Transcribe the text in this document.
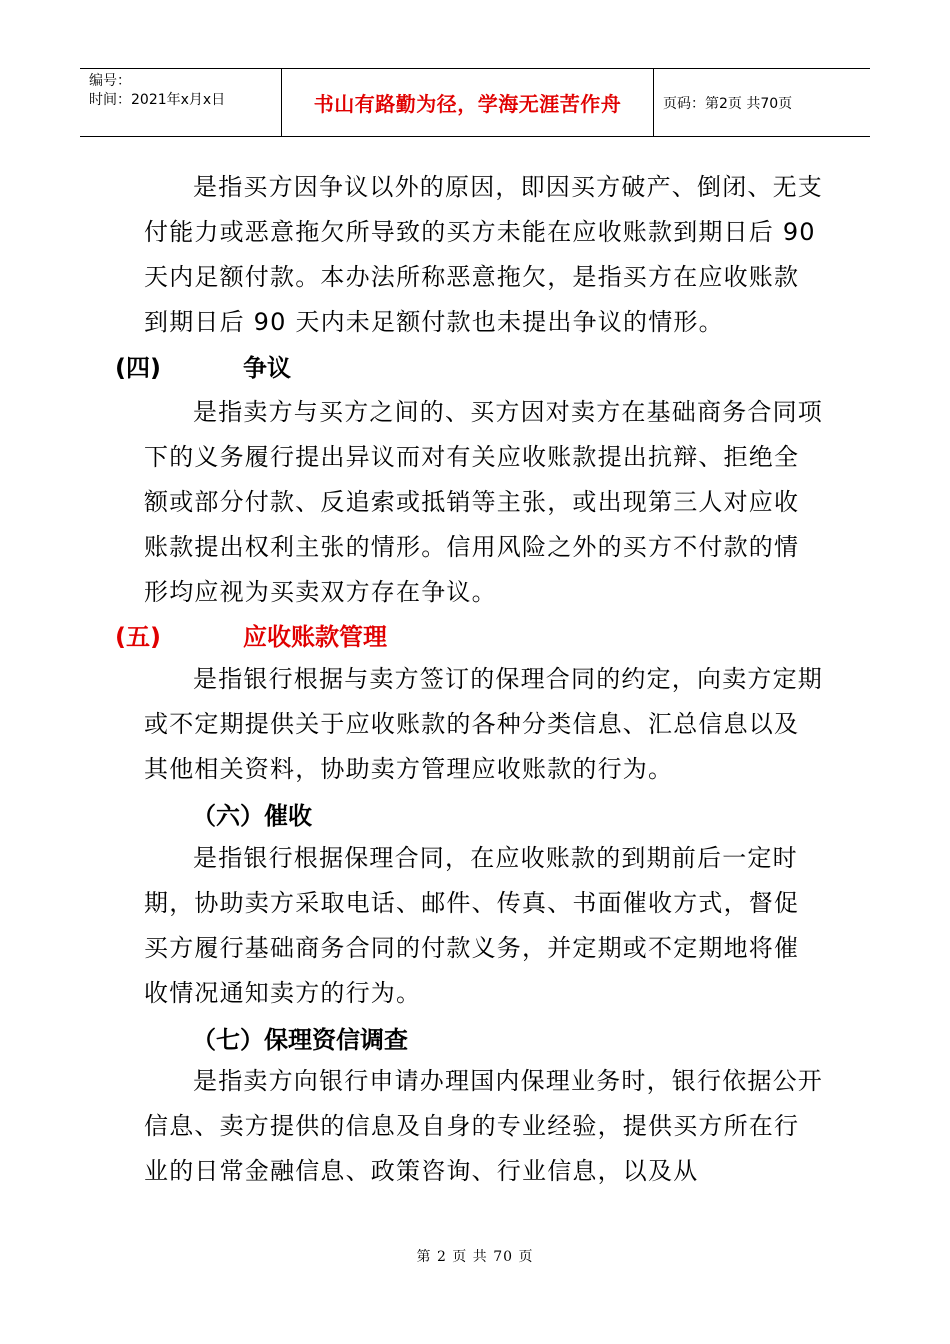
编号：
时间：2021年x月x日	书山有路勤为径，学海无涯苦作舟	页码：第2页 共70页

是指买方因争议以外的原因，即因买方破产、倒闭、无支付能力或恶意拖欠所导致的买方未能在应收账款到期日后 90 天内足额付款。本办法所称恶意拖欠，是指买方在应收账款到期日后 90 天内未足额付款也未提出争议的情形。

(四)	争议

是指卖方与买方之间的、买方因对卖方在基础商务合同项下的义务履行提出异议而对有关应收账款提出抗辩、拒绝全额或部分付款、反追索或抵销等主张，或出现第三人对应收账款提出权利主张的情形。信用风险之外的买方不付款的情形均应视为买卖双方存在争议。

(五)	应收账款管理

是指银行根据与卖方签订的保理合同的约定，向卖方定期或不定期提供关于应收账款的各种分类信息、汇总信息以及其他相关资料，协助卖方管理应收账款的行为。

（六）催收

是指银行根据保理合同，在应收账款的到期前后一定时期，协助卖方采取电话、邮件、传真、书面催收方式，督促买方履行基础商务合同的付款义务，并定期或不定期地将催收情况通知卖方的行为。

（七）保理资信调查

是指卖方向银行申请办理国内保理业务时，银行依据公开信息、卖方提供的信息及自身的专业经验，提供买方所在行业的日常金融信息、政策咨询、行业信息，以及从

第 2 页 共 70 页
